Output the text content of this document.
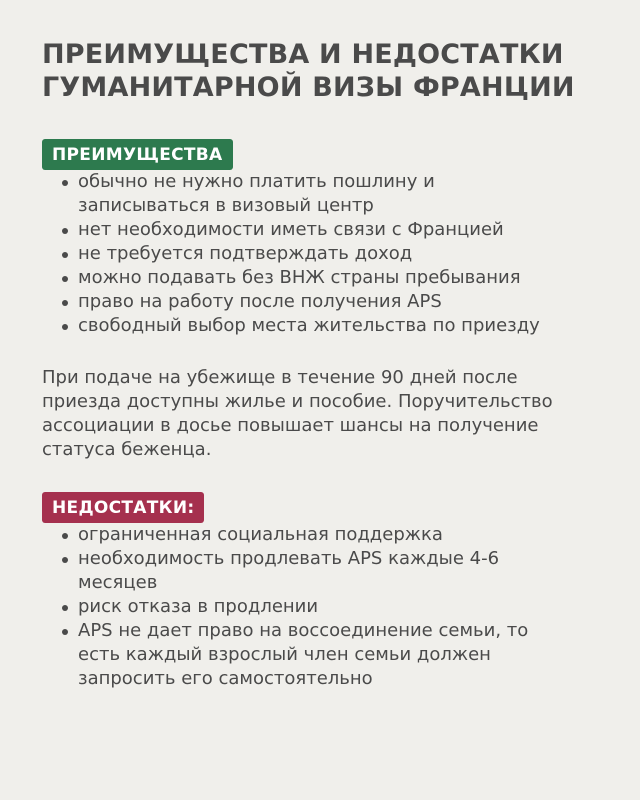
ПРЕИМУЩЕСТВА И НЕДОСТАТКИ
ГУМАНИТАРНОЙ ВИЗЫ ФРАНЦИИ
ПРЕИМУЩЕСТВА
обычно не нужно платить пошлину и
записываться в визовый центр
нет необходимости иметь связи с Францией
не требуется подтверждать доход
можно подавать без ВНЖ страны пребывания
право на работу после получения APS
свободный выбор места жительства по приезду

При подаче на убежище в течение 90 дней после
приезда доступны жилье и пособие. Поручительство
ассоциации в досье повышает шансы на получение
статуса беженца.

НЕДОСТАТКИ:
ограниченная социальная поддержка
необходимость продлевать APS каждые 4-6
месяцев
риск отказа в продлении
APS не дает право на воссоединение семьи, то
есть каждый взрослый член семьи должен
запросить его самостоятельно
